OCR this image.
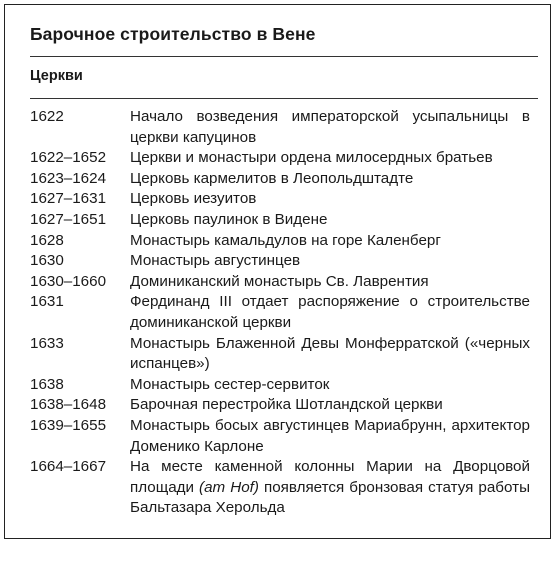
Барочное строительство в Вене
Церкви
1622	Начало возведения императорской усыпальницы в церкви капуцинов
1622–1652	Церкви и монастыри ордена милосердных братьев
1623–1624	Церковь кармелитов в Леопольдштадте
1627–1631	Церковь иезуитов
1627–1651	Церковь паулинок в Видене
1628	Монастырь камальдулов на горе Каленберг
1630	Монастырь августинцев
1630–1660	Доминиканский монастырь Св. Лаврентия
1631	Фердинанд III отдает распоряжение о строительстве доминиканской церкви
1633	Монастырь Блаженной Девы Монферратской («черных испанцев»)
1638	Монастырь сестер-сервиток
1638–1648	Барочная перестройка Шотландской церкви
1639–1655	Монастырь босых августинцев Мариабрунн, архитектор Доменико Карлоне
1664–1667	На месте каменной колонны Марии на Дворцовой площади (am Hof) появляется бронзовая статуя работы Бальтазара Херольда
